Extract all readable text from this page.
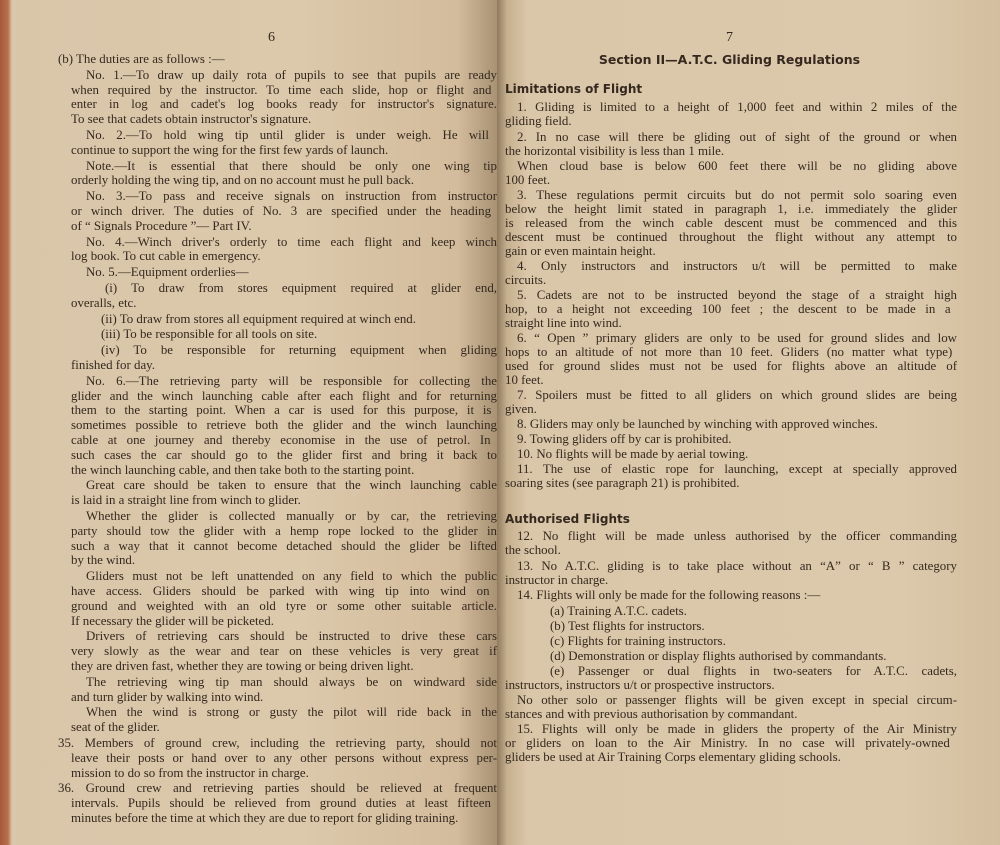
6
(b) The duties are as follows :—
No. 1.—To draw up daily rota of pupils to see that pupils are ready
when required by the instructor. To time each slide, hop or flight and
enter in log and cadet's log books ready for instructor's signature.
To see that cadets obtain instructor's signature.
No. 2.—To hold wing tip until glider is under weigh. He will
continue to support the wing for the first few yards of launch.
Note.—It is essential that there should be only one wing tip
orderly holding the wing tip, and on no account must he pull back.
No. 3.—To pass and receive signals on instruction from instructor
or winch driver. The duties of No. 3 are specified under the heading
of “ Signals Procedure ”— Part IV.
No. 4.—Winch driver's orderly to time each flight and keep winch
log book. To cut cable in emergency.
No. 5.—Equipment orderlies—
(i) To draw from stores equipment required at glider end,
overalls, etc.
(ii) To draw from stores all equipment required at winch end.
(iii) To be responsible for all tools on site.
(iv) To be responsible for returning equipment when gliding
finished for day.
No. 6.—The retrieving party will be responsible for collecting the
glider and the winch launching cable after each flight and for returning
them to the starting point. When a car is used for this purpose, it is
sometimes possible to retrieve both the glider and the winch launching
cable at one journey and thereby economise in the use of petrol. In
such cases the car should go to the glider first and bring it back to
the winch launching cable, and then take both to the starting point.
Great care should be taken to ensure that the winch launching cable
is laid in a straight line from winch to glider.
Whether the glider is collected manually or by car, the retrieving
party should tow the glider with a hemp rope locked to the glider in
such a way that it cannot become detached should the glider be lifted
by the wind.
Gliders must not be left unattended on any field to which the public
have access. Gliders should be parked with wing tip into wind on
ground and weighted with an old tyre or some other suitable article.
If necessary the glider will be picketed.
Drivers of retrieving cars should be instructed to drive these cars
very slowly as the wear and tear on these vehicles is very great if
they are driven fast, whether they are towing or being driven light.
The retrieving wing tip man should always be on windward side
and turn glider by walking into wind.
When the wind is strong or gusty the pilot will ride back in the
seat of the glider.
35. Members of ground crew, including the retrieving party, should not
leave their posts or hand over to any other persons without express per-
mission to do so from the instructor in charge.
36. Ground crew and retrieving parties should be relieved at frequent
intervals. Pupils should be relieved from ground duties at least fifteen
minutes before the time at which they are due to report for gliding training.
7
Section II—A.T.C. Gliding Regulations
Limitations of Flight
Authorised Flights
1. Gliding is limited to a height of 1,000 feet and within 2 miles of the
gliding field.
2. In no case will there be gliding out of sight of the ground or when
the horizontal visibility is less than 1 mile.
When cloud base is below 600 feet there will be no gliding above
100 feet.
3. These regulations permit circuits but do not permit solo soaring even
below the height limit stated in paragraph 1, i.e. immediately the glider
is released from the winch cable descent must be commenced and this
descent must be continued throughout the flight without any attempt to
gain or even maintain height.
4. Only instructors and instructors u/t will be permitted to make
circuits.
5. Cadets are not to be instructed beyond the stage of a straight high
hop, to a height not exceeding 100 feet ; the descent to be made in a
straight line into wind.
6. “ Open ” primary gliders are only to be used for ground slides and low
hops to an altitude of not more than 10 feet. Gliders (no matter what type)
used for ground slides must not be used for flights above an altitude of
10 feet.
7. Spoilers must be fitted to all gliders on which ground slides are being
given.
8. Gliders may only be launched by winching with approved winches.
9. Towing gliders off by car is prohibited.
10. No flights will be made by aerial towing.
11. The use of elastic rope for launching, except at specially approved
soaring sites (see paragraph 21) is prohibited.
12. No flight will be made unless authorised by the officer commanding
the school.
13. No A.T.C. gliding is to take place without an “A” or “ B ” category
instructor in charge.
14. Flights will only be made for the following reasons :—
(a) Training A.T.C. cadets.
(b) Test flights for instructors.
(c) Flights for training instructors.
(d) Demonstration or display flights authorised by commandants.
(e) Passenger or dual flights in two-seaters for A.T.C. cadets,
instructors, instructors u/t or prospective instructors.
No other solo or passenger flights will be given except in special circum-
stances and with previous authorisation by commandant.
15. Flights will only be made in gliders the property of the Air Ministry
or gliders on loan to the Air Ministry. In no case will privately-owned
gliders be used at Air Training Corps elementary gliding schools.
